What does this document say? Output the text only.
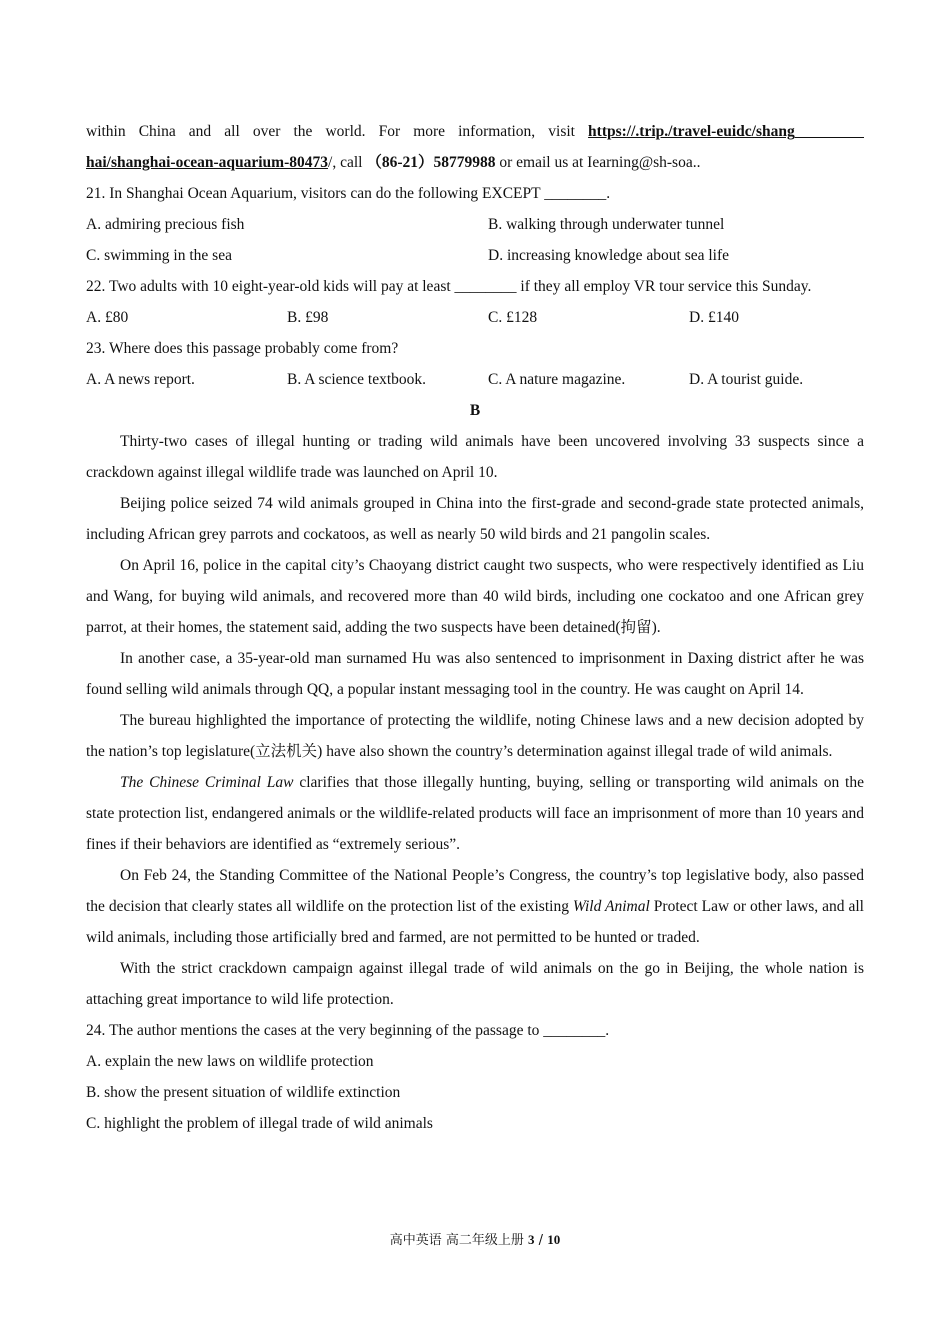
within China and all over the world. For more information, visit https://.trip./travel-euidc/shang
hai/shanghai-ocean-aquarium-80473/, call （86-21）58779988 or email us at Iearning@sh-soa..
21. In Shanghai Ocean Aquarium, visitors can do the following EXCEPT ________.
A. admiring precious fish	B. walking through underwater tunnel
C. swimming in the sea	D. increasing knowledge about sea life
22. Two adults with 10 eight-year-old kids will pay at least ________ if they all employ VR tour service this Sunday.
A. £80	B. £98	C. £128	D. £140
23. Where does this passage probably come from?
A. A news report.	B. A science textbook.	C. A nature magazine.	D. A tourist guide.
B
Thirty-two cases of illegal hunting or trading wild animals have been uncovered involving 33 suspects since a crackdown against illegal wildlife trade was launched on April 10.
Beijing police seized 74 wild animals grouped in China into the first-grade and second-grade state protected animals, including African grey parrots and cockatoos, as well as nearly 50 wild birds and 21 pangolin scales.
On April 16, police in the capital city’s Chaoyang district caught two suspects, who were respectively identified as Liu and Wang, for buying wild animals, and recovered more than 40 wild birds, including one cockatoo and one African grey parrot, at their homes, the statement said, adding the two suspects have been detained(拘留).
In another case, a 35-year-old man surnamed Hu was also sentenced to imprisonment in Daxing district after he was found selling wild animals through QQ, a popular instant messaging tool in the country. He was caught on April 14.
The bureau highlighted the importance of protecting the wildlife, noting Chinese laws and a new decision adopted by the nation’s top legislature(立法机关) have also shown the country’s determination against illegal trade of wild animals.
The Chinese Criminal Law clarifies that those illegally hunting, buying, selling or transporting wild animals on the state protection list, endangered animals or the wildlife-related products will face an imprisonment of more than 10 years and fines if their behaviors are identified as “extremely serious”.
On Feb 24, the Standing Committee of the National People’s Congress, the country’s top legislative body, also passed the decision that clearly states all wildlife on the protection list of the existing Wild Animal Protect Law or other laws, and all wild animals, including those artificially bred and farmed, are not permitted to be hunted or traded.
With the strict crackdown campaign against illegal trade of wild animals on the go in Beijing, the whole nation is attaching great importance to wild life protection.
24. The author mentions the cases at the very beginning of the passage to ________.
A. explain the new laws on wildlife protection
B. show the present situation of wildlife extinction
C. highlight the problem of illegal trade of wild animals
高中英语 高二年级上册 3 / 10
